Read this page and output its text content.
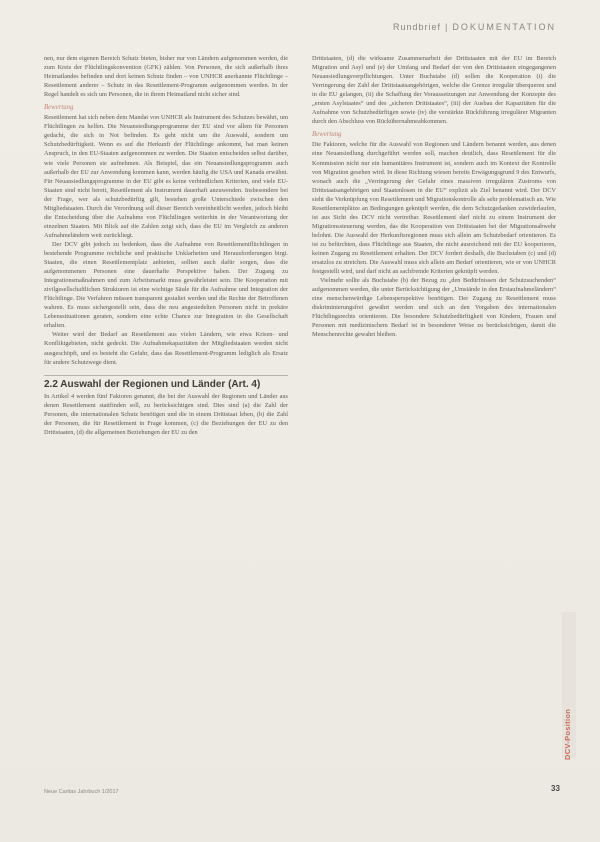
Rundbrief | DOKUMENTATION

nen, nur dem eigenen Bereich Schutz bieten, bisher nur von Ländern aufgenommen werden, die zum Kreis der Flüchtlingskonvention (GFK) zählen. Von Personen, die sich außerhalb ihres Heimatlandes befinden und dort keinen Schutz finden – von UNHCR anerkannte Flüchtlinge – Resettlement anderer – Schutz in das Resettlement-Programm aufgenommen werden. In der Regel handelt es sich um Personen, die in ihrem Heimatland nicht sicher sind.

Bewertung

Resettlement hat sich neben dem Mandat von UNHCR als Instrument des Schutzes bewährt, um Flüchtlingen zu helfen. Die Neuansiedlungsprogramme der EU sind vor allem für Personen gedacht, die sich in Not befinden. Es geht nicht um die Auswahl, sondern um Schutzbedürftigkeit. Wenn es auf die Herkunft der Flüchtlinge ankommt, hat man keinen Anspruch, in den EU-Staaten aufgenommen zu werden. Die Staaten entscheiden selbst darüber, wie viele Personen sie aufnehmen. Als Beispiel, das ein Neuansiedlungsprogramm auch außerhalb der EU zur Anwendung kommen kann, werden häufig die USA und Kanada erwähnt. Für Neuansiedlungsprogramme in der EU gibt es keine verbindlichen Kriterien, und viele EU-Staaten sind nicht bereit, Resettlement als Instrument dauerhaft anzuwenden. Insbesondere bei der Frage, wer als schutzbedürftig gilt, bestehen große Unterschiede zwischen den Mitgliedstaaten. Durch die Verordnung soll dieser Bereich vereinheitlicht werden, jedoch bleibt die Entscheidung über die Aufnahme von Flüchtlingen weiterhin in der Verantwortung der einzelnen Staaten. Mit Blick auf die Zahlen zeigt sich, dass die EU im Vergleich zu anderen Aufnahmeländern weit zurückliegt.

Der DCV gibt jedoch zu bedenken, dass die Aufnahme von Resettlementflüchtlingen in bestehende Programme rechtliche und praktische Unklarheiten und Herausforderungen birgt. Staaten, die einen Resettlementplatz anbieten, sollten auch dafür sorgen, dass die aufgenommenen Personen eine dauerhafte Perspektive haben. Der Zugang zu Integrationsmaßnahmen und zum Arbeitsmarkt muss gewährleistet sein. Die Kooperation mit zivilgesellschaftlichen Strukturen ist eine wichtige Säule für die Aufnahme und Integration der Flüchtlinge. Die Verfahren müssen transparent gestaltet werden und die Rechte der Betroffenen wahren. Es muss sichergestellt sein, dass die neu angesiedelten Personen nicht in prekäre Lebenssituationen geraten, sondern eine echte Chance zur Integration in die Gesellschaft erhalten.

Weiter wird der Bedarf an Resettlement aus vielen Ländern, wie etwa Krisen- und Konfliktgebieten, nicht gedeckt. Die Aufnahmekapazitäten der Mitgliedstaaten werden nicht ausgeschöpft, und es besteht die Gefahr, dass das Resettlement-Programm lediglich als Ersatz für andere Schutzwege dient.

2.2 Auswahl der Regionen und Länder (Art. 4)

In Artikel 4 werden fünf Faktoren genannt, die bei der Auswahl der Regionen und Länder aus denen Resettlement stattfinden soll, zu berücksichtigen sind. Dies sind (a) die Zahl der Personen, die internationalen Schutz benötigen und die in einem Drittstaat leben, (b) die Zahl der Personen, die für Resettlement in Frage kommen, (c) die Beziehungen der EU zu den Drittstaaten, (d) die allgemeinen Beziehungen der EU zu den

Drittstaaten, (d) die wirksame Zusammenarbeit der Drittstaaten mit der EU im Bereich Migration und Asyl und (e) der Umfang und Bedarf der von den Drittstaaten eingegangenen Neuansiedlungsverpflichtungen. Unter Buchstabe (d) sollen die Kooperation (i) die Verringerung der Zahl der Drittstaatsangehörigen, welche die Grenze irregulär überqueren und in die EU gelangen, (ii) die Schaffung der Voraussetzungen zur Anwendung der Konzepte des „ersten Asylstaates“ und des „sicheren Drittstaates“, (iii) der Ausbau der Kapazitäten für die Aufnahme von Schutzbedürftigen sowie (iv) die verstärkte Rückführung irregulärer Migranten durch den Abschluss von Rückübernahmeabkommen.

Bewertung

Die Faktoren, welche für die Auswahl von Regionen und Ländern benannt werden, aus denen eine Neuansiedlung durchgeführt werden soll, machen deutlich, dass Resettlement für die Kommission nicht nur ein humanitäres Instrument ist, sondern auch im Kontext der Kontrolle von Migration gesehen wird. In diese Richtung wiesen bereits Erwägungsgrund 9 des Entwurfs, wonach auch die „Verringerung der Gefahr eines massiven irregulären Zustroms von Drittstaatsangehörigen und Staatenlosen in die EU“ explizit als Ziel benannt wird. Der DCV sieht die Verknüpfung von Resettlement und Migrationskontrolle als sehr problematisch an. Wie Resettlementplätze an Bedingungen geknüpft werden, die dem Schutzgedanken zuwiderlaufen, ist aus Sicht des DCV nicht vertretbar. Resettlement darf nicht zu einem Instrument der Migrationssteuerung werden, das die Kooperation von Drittstaaten bei der Migrationsabwehr belohnt. Die Auswahl der Herkunftsregionen muss sich allein am Schutzbedarf orientieren. Es ist zu befürchten, dass Flüchtlinge aus Staaten, die nicht ausreichend mit der EU kooperieren, keinen Zugang zu Resettlement erhalten. Der DCV fordert deshalb, die Buchstaben (c) und (d) ersatzlos zu streichen. Die Auswahl muss sich allein am Bedarf orientieren, wie er von UNHCR festgestellt wird, und darf nicht an sachfremde Kriterien geknüpft werden.

Vielmehr sollte als Buchstabe (b) der Bezug zu „den Bedürfnissen der Schutzsuchenden“ aufgenommen werden, die unter Berücksichtigung der „Umstände in den Erstaufnahmeländern“ eine menschenwürdige Lebensperspektive benötigen. Der Zugang zu Resettlement muss diskriminierungsfrei gewährt werden und sich an den Vorgaben des internationalen Flüchtlingsrechts orientieren. Die besondere Schutzbedürftigkeit von Kindern, Frauen und Personen mit medizinischem Bedarf ist in besonderer Weise zu berücksichtigen, damit die Menschenrechte gewahrt bleiben.

Neue Caritas Jahrbuch 1/2017	33
DCV-Position
